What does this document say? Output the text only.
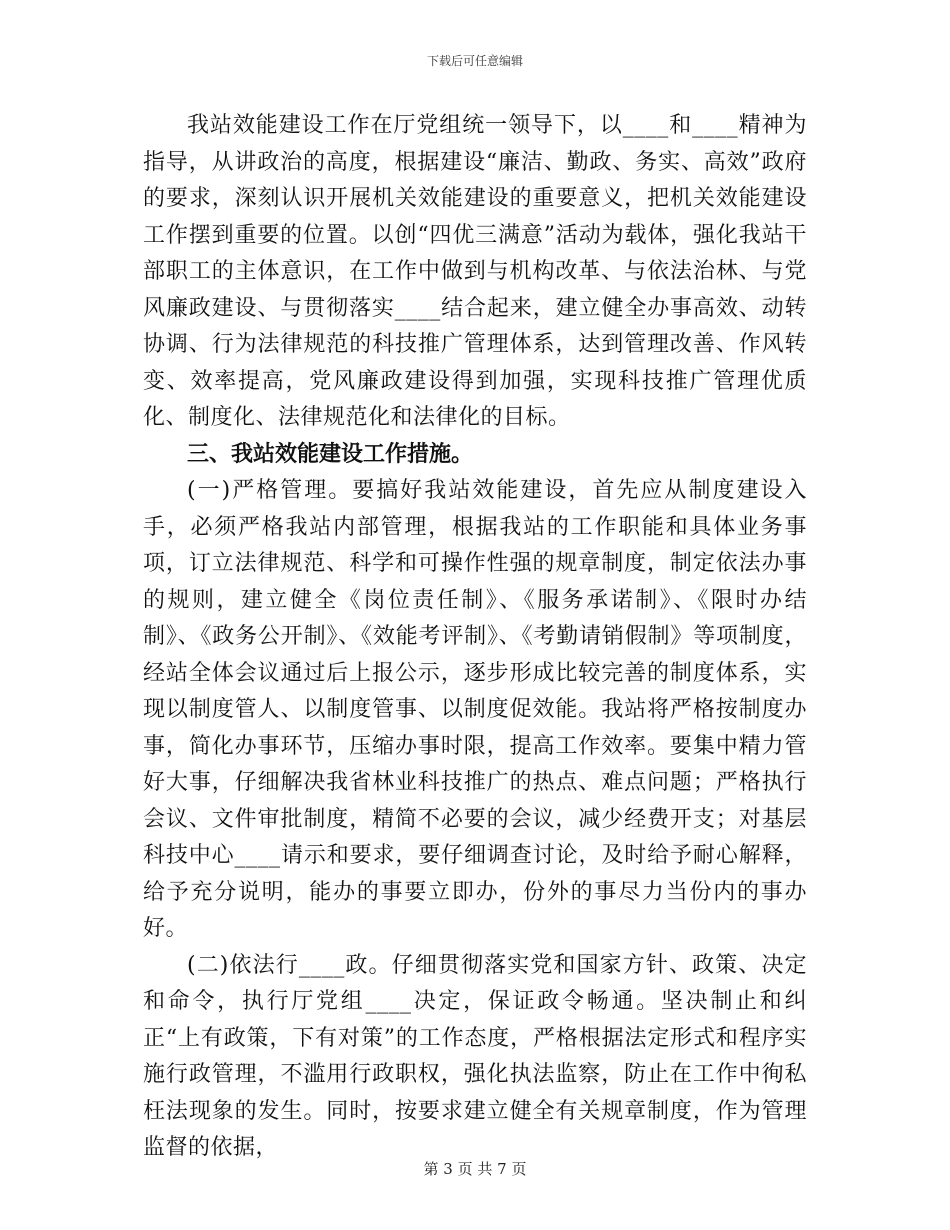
下载后可任意编辑

我站效能建设工作在厅党组统一领导下，以____和____精神为指导，从讲政治的高度，根据建设“廉洁、勤政、务实、高效”政府的要求，深刻认识开展机关效能建设的重要意义，把机关效能建设工作摆到重要的位置。以创“四优三满意”活动为载体，强化我站干部职工的主体意识，在工作中做到与机构改革、与依法治林、与党风廉政建设、与贯彻落实____结合起来，建立健全办事高效、动转协调、行为法律规范的科技推广管理体系，达到管理改善、作风转变、效率提高，党风廉政建设得到加强，实现科技推广管理优质化、制度化、法律规范化和法律化的目标。

三、我站效能建设工作措施。

(一)严格管理。要搞好我站效能建设，首先应从制度建设入手，必须严格我站内部管理，根据我站的工作职能和具体业务事项，订立法律规范、科学和可操作性强的规章制度，制定依法办事的规则，建立健全《岗位责任制》、《服务承诺制》、《限时办结制》、《政务公开制》、《效能考评制》、《考勤请销假制》等项制度，经站全体会议通过后上报公示，逐步形成比较完善的制度体系，实现以制度管人、以制度管事、以制度促效能。我站将严格按制度办事，简化办事环节，压缩办事时限，提高工作效率。要集中精力管好大事，仔细解决我省林业科技推广的热点、难点问题；严格执行会议、文件审批制度，精简不必要的会议，减少经费开支；对基层科技中心____请示和要求，要仔细调查讨论，及时给予耐心解释，给予充分说明，能办的事要立即办，份外的事尽力当份内的事办好。

(二)依法行____政。仔细贯彻落实党和国家方针、政策、决定和命令，执行厅党组____决定，保证政令畅通。坚决制止和纠正“上有政策，下有对策”的工作态度，严格根据法定形式和程序实施行政管理，不滥用行政职权，强化执法监察，防止在工作中徇私枉法现象的发生。同时，按要求建立健全有关规章制度，作为管理监督的依据，

第 3 页 共 7 页
